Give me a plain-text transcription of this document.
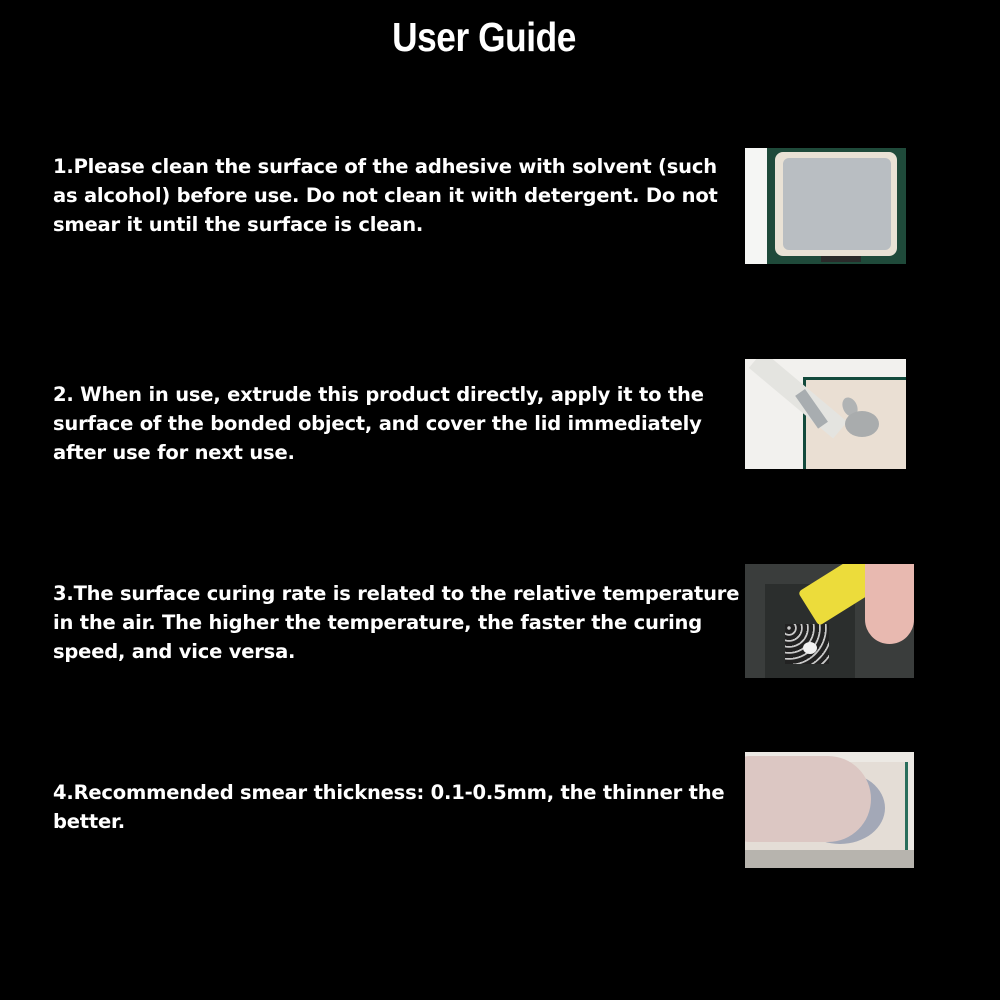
User Guide
1.Please clean the surface of the adhesive with solvent (such as alcohol) before use. Do not clean it with detergent. Do not smear it until the surface is clean.
2. When in use, extrude this product directly, apply it to the surface of the bonded object, and cover the lid immediately after use for next use.
3.The surface curing rate is related to the relative temperature in the air. The higher the temperature, the faster the curing speed, and vice versa.
4.Recommended smear thickness: 0.1-0.5mm, the thinner the better.
